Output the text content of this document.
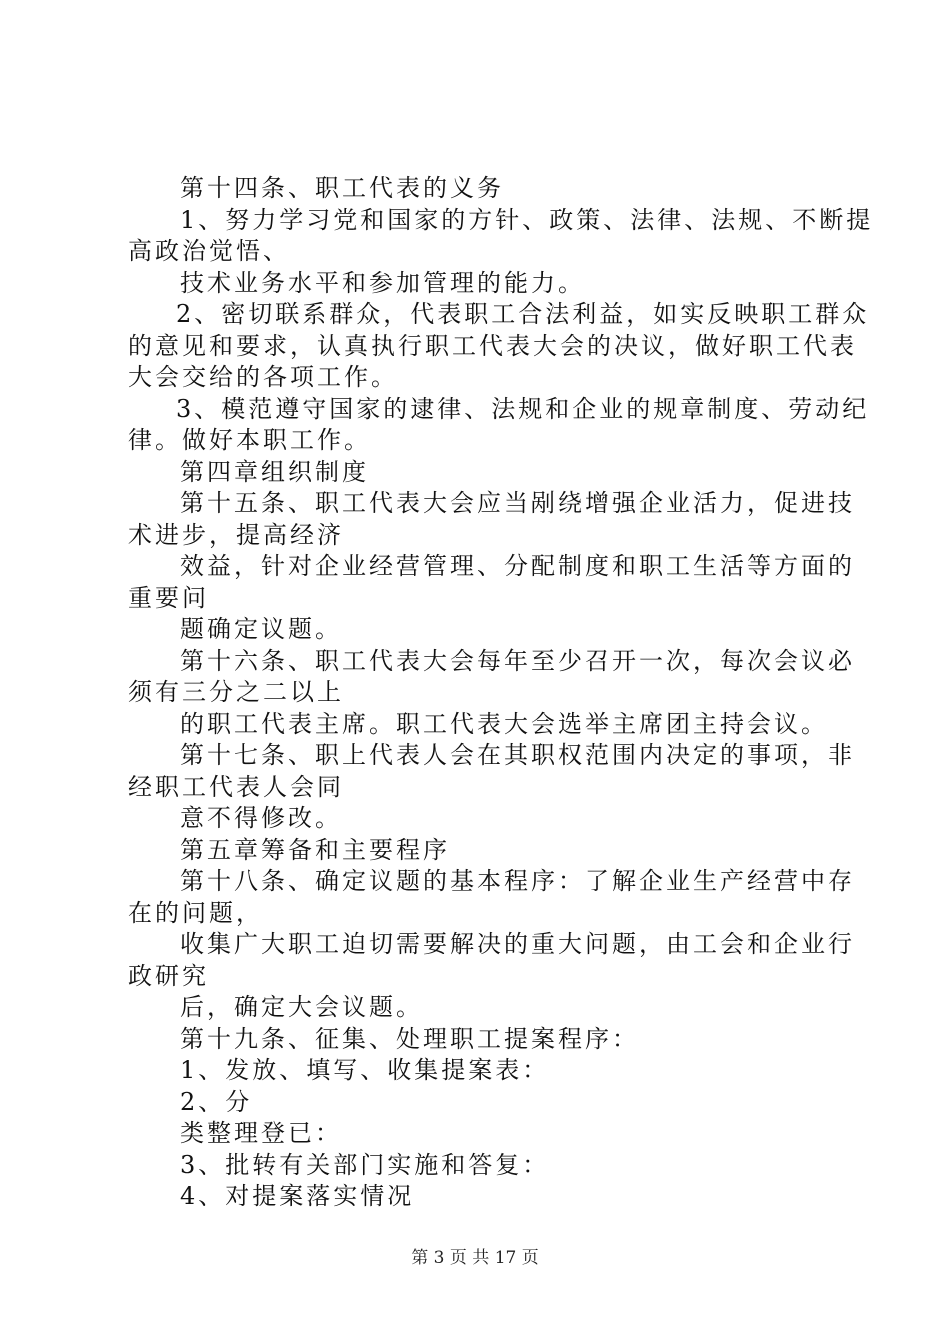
第十四条、职工代表的义务
1、努力学习党和国家的方针、政策、法律、法规、不断提
高政治觉悟、
技术业务水平和参加管理的能力。
2、密切联系群众，代表职工合法利益，如实反映职工群众
的意见和要求，认真执行职工代表大会的决议，做好职工代表
大会交给的各项工作。
3、模范遵守国家的逮律、法规和企业的规章制度、劳动纪
律。做好本职工作。
第四章组织制度
第十五条、职工代表大会应当剐绕增强企业活力，促进技
术进步，提高经济
效益，针对企业经营管理、分配制度和职工生活等方面的
重要问
题确定议题。
第十六条、职工代表大会每年至少召开一次，每次会议必
须有三分之二以上
的职工代表主席。职工代表大会选举主席团主持会议。
第十七条、职上代表人会在其职权范围内决定的事项，非
经职工代表人会同
意不得修改。
第五章筹备和主要程序
第十八条、确定议题的基本程序：了解企业生产经营中存
在的问题，
收集广大职工迫切需要解决的重大问题，由工会和企业行
政研究
后，确定大会议题。
第十九条、征集、处理职工提案程序：
1、发放、填写、收集提案表：
2、分
类整理登已：
3、批转有关部门实施和答复：
4、对提案落实情况
第 3 页 共 17 页
